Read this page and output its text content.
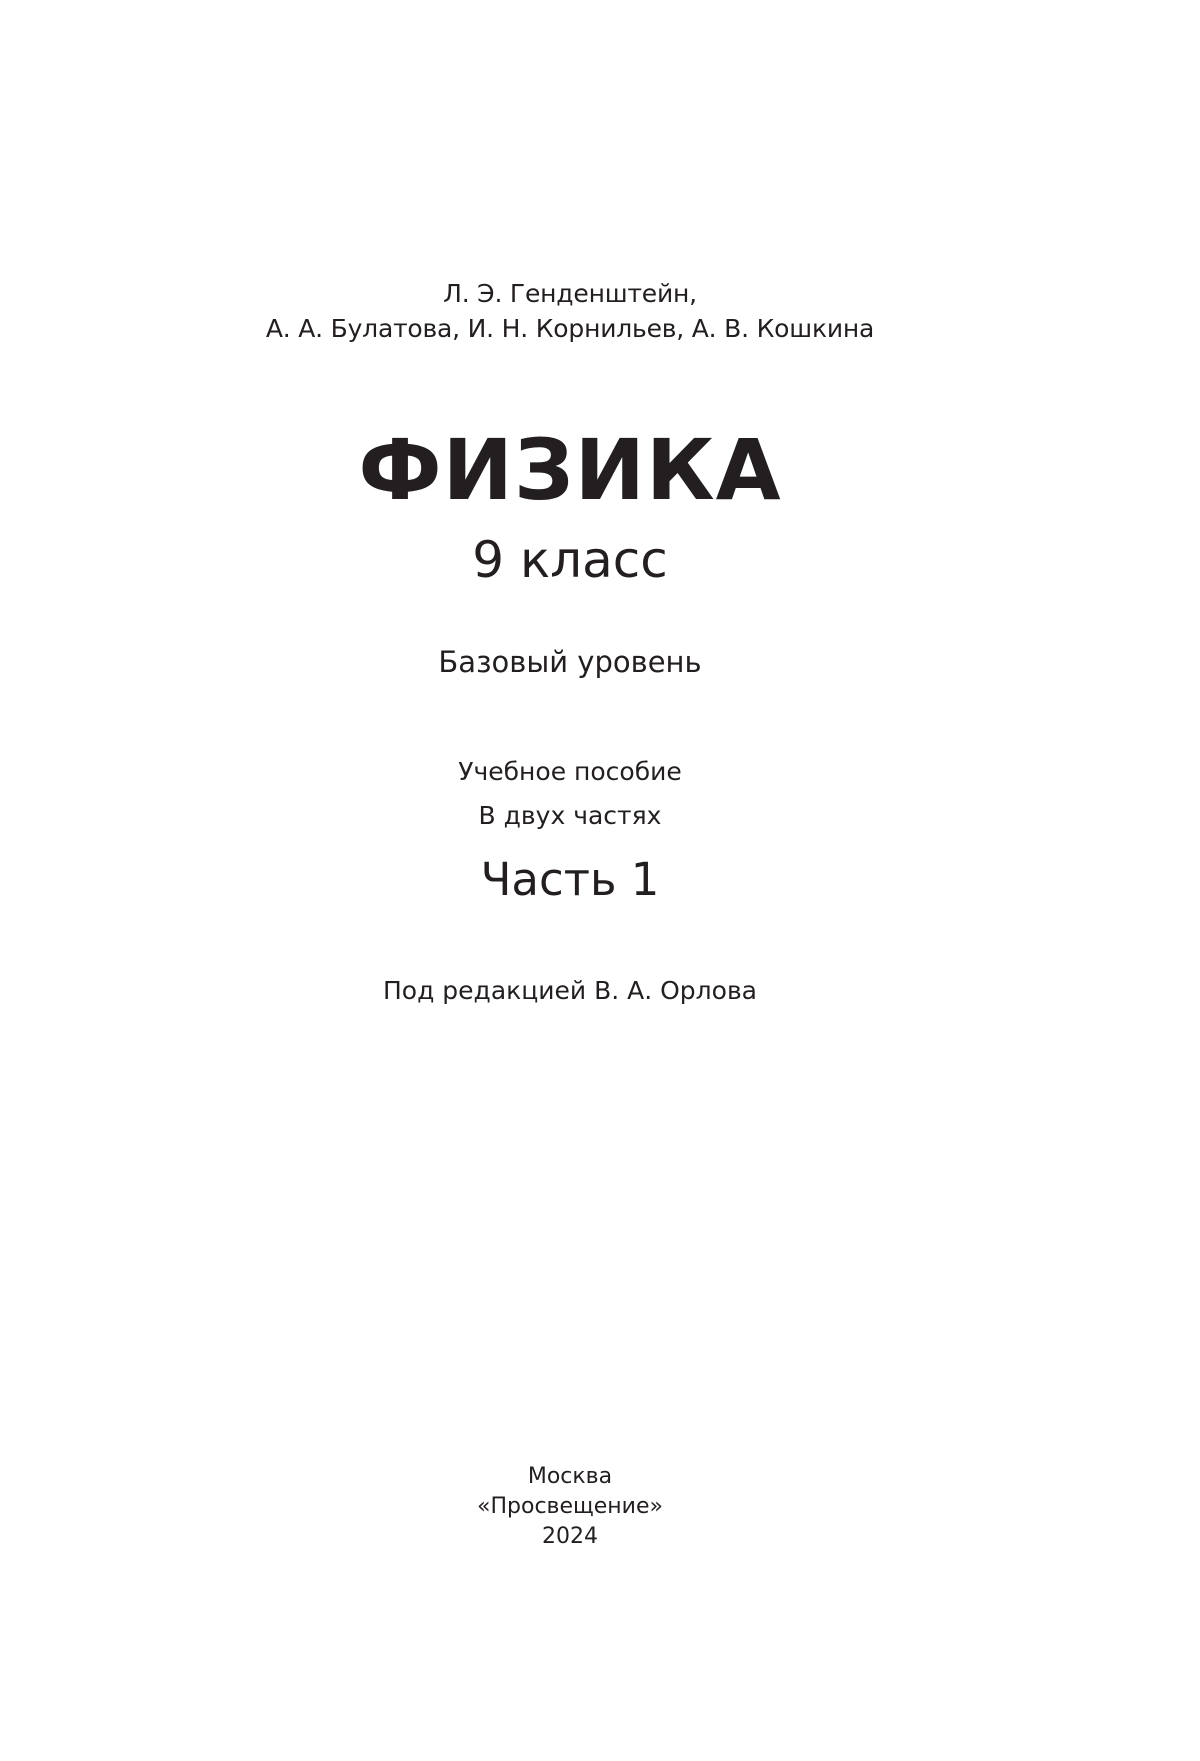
Л. Э. Генденштейн,
А. А. Булатова, И. Н. Корнильев, А. В. Кошкина
ФИЗИКА
9 класс
Базовый уровень
Учебное пособие
В двух частях
Часть 1
Под редакцией В. А. Орлова
Москва
«Просвещение»
2024
